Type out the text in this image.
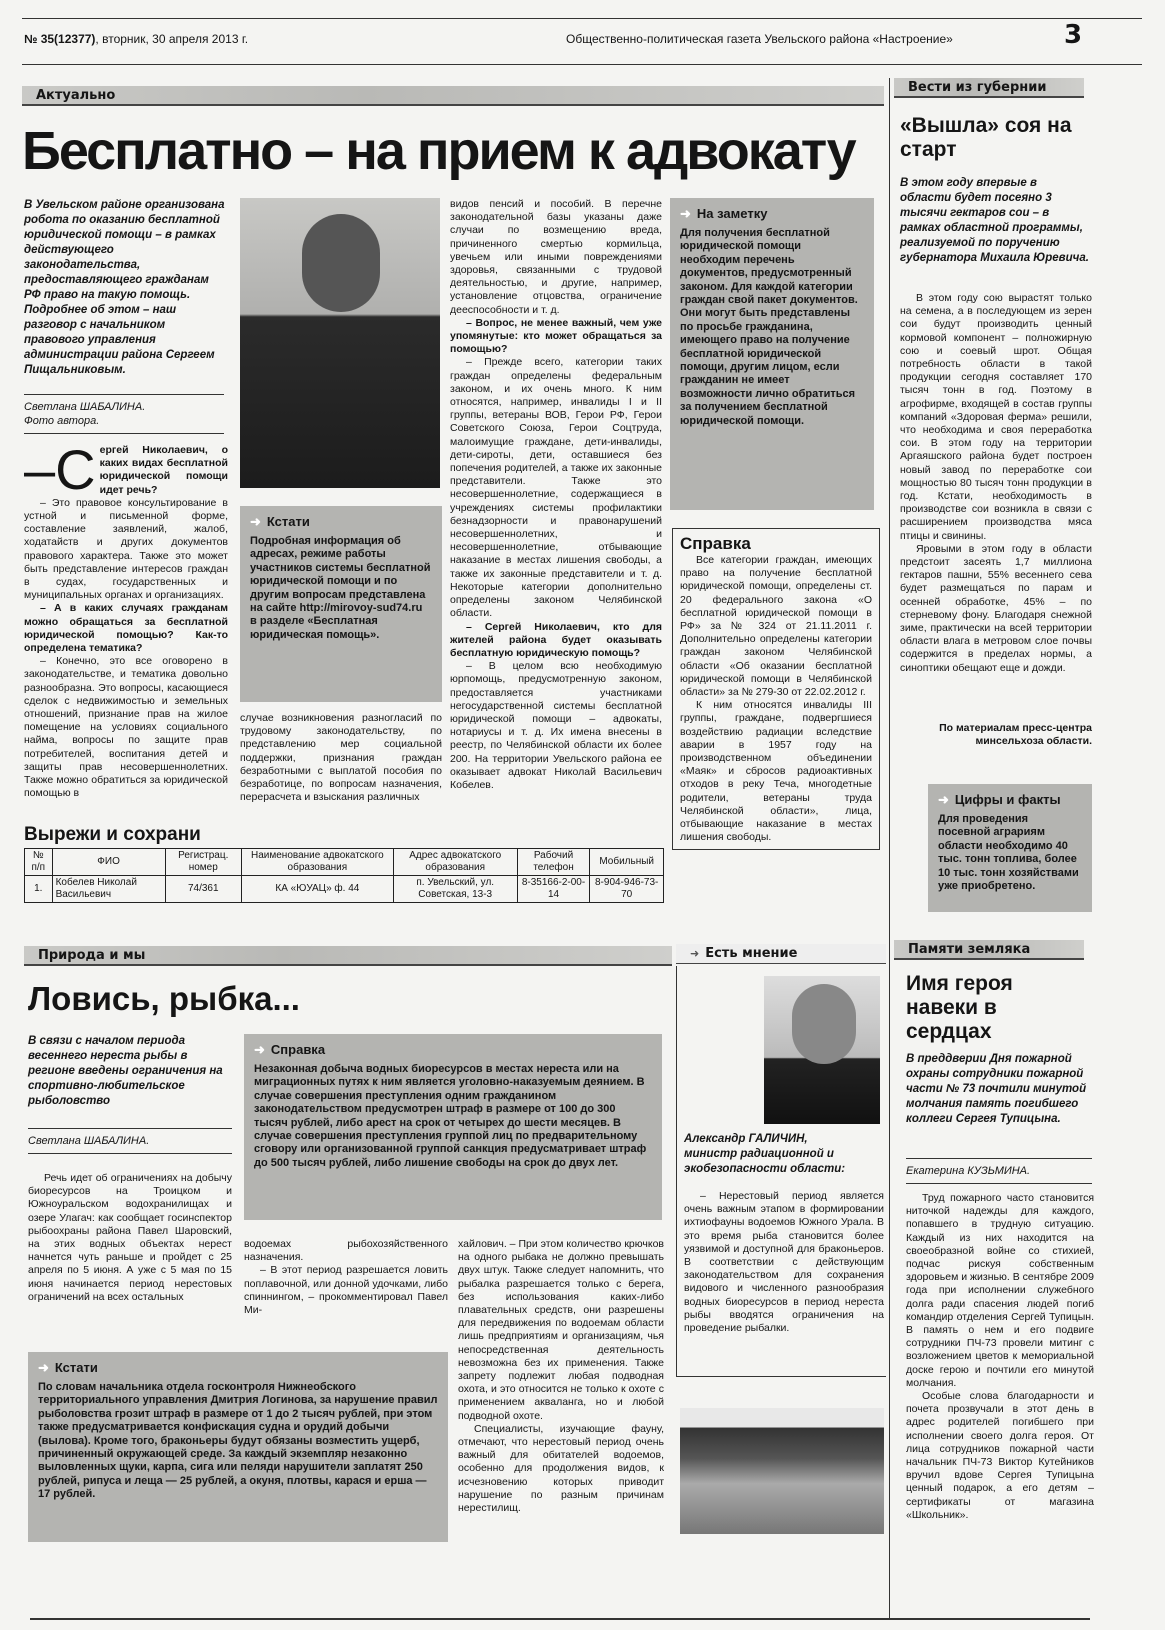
№ 35(12377), вторник, 30 апреля 2013 г.	Общественно-политическая газета Увельского района «Настроение»	3
Актуально
Бесплатно – на прием к адвокату
В Увельском районе организована робота по оказанию бесплатной юридической помощи – в рамках действующего законодательства, предоставляющего гражданам РФ право на такую помощь. Подробнее об этом – наш разговор с начальником правового управления администрации района Сергеем Пищальниковым.
Светлана ШАБАЛИНА.
Фото автора.
–С ергей Николаевич, о каких видах бесплатной юридической помощи идет речь?

– Это правовое консультирование в устной и письменной форме, составление заявлений, жалоб, ходатайств и других документов правового характера. Также это может быть представление интересов граждан в судах, государственных и муниципальных органах и организациях.

– А в каких случаях гражданам можно обращаться за бесплатной юридической помощью? Как-то определена тематика?

– Конечно, это все оговорено в законодательстве, и тематика довольно разнообразна. Это вопросы, касающиеся сделок с недвижимостью и земельных отношений, признание прав на жилое помещение на условиях социального найма, вопросы по защите прав потребителей, воспитания детей и защиты прав несовершеннолетних. Также можно обратиться за юридической помощью в

➜ Кстати
Подробная информация об адресах, режиме работы участников системы бесплатной юридической помощи и по другим вопросам представлена на сайте http://mirovoy-sud74.ru в разделе «Бесплатная юридическая помощь».

случае возникновения разногласий по трудовому законодательству, по представлению мер социальной поддержки, признания граждан безработными с выплатой пособия по безработице, по вопросам назначения, перерасчета и взыскания различных

видов пенсий и пособий. В перечне законодательной базы указаны даже случаи по возмещению вреда, причиненного смертью кормильца, увечьем или иными повреждениями здоровья, связанными с трудовой деятельностью, и другие, например, установление отцовства, ограничение дееспособности и т. д.

– Вопрос, не менее важный, чем уже упомянутые: кто может обращаться за помощью?

– Прежде всего, категории таких граждан определены федеральным законом, и их очень много. К ним относятся, например, инвалиды I и II группы, ветераны ВОВ, Герои РФ, Герои Советского Союза, Герои Соцтруда, малоимущие граждане, дети-инвалиды, дети-сироты, дети, оставшиеся без попечения родителей, а также их законные представители. Также это несовершеннолетние, содержащиеся в учреждениях системы профилактики безнадзорности и правонарушений несовершеннолетних, и несовершеннолетние, отбывающие наказание в местах лишения свободы, а также их законные представители и т. д. Некоторые категории дополнительно определены законом Челябинской области.

– Сергей Николаевич, кто для жителей района будет оказывать бесплатную юридическую помощь?

– В целом всю необходимую юрпомощь, предусмотренную законом, предоставляется участниками негосударственной системы бесплатной юридической помощи – адвокаты, нотариусы и т. д. Их имена внесены в реестр, по Челябинской области их более 200. На территории Увельского района ее оказывает адвокат Николай Васильевич Кобелев.

➜ На заметку
Для получения бесплатной юридической помощи необходим перечень документов, предусмотренный законом. Для каждой категории граждан свой пакет документов. Они могут быть представлены по просьбе гражданина, имеющего право на получение бесплатной юридической помощи, другим лицом, если гражданин не имеет возможности лично обратиться за получением бесплатной юридической помощи.
Справка

Все категории граждан, имеющих право на получение бесплатной юридической помощи, определены ст. 20 федерального закона «О бесплатной юридической помощи в РФ» за № 324 от 21.11.2011 г. Дополнительно определены категории граждан законом Челябинской области «Об оказании бесплатной юридической помощи в Челябинской области» за № 279-30 от 22.02.2012 г.

К ним относятся инвалиды III группы, граждане, подвергшиеся воздействию радиации вследствие аварии в 1957 году на производственном объединении «Маяк» и сбросов радиоактивных отходов в реку Теча, многодетные родители, ветераны труда Челябинской области», лица, отбывающие наказание в местах лишения свободы.

Вырежи и сохрани
№ п/п	ФИО	Регистрац. номер	Наименование адвокатского образования	Адрес адвокатского образования	Рабочий телефон	Мобильный
1.	Кобелев Николай Васильевич	74/361	КА «ЮУАЦ» ф. 44	п. Увельский, ул. Советская, 13-3	8-35166-2-00-14	8-904-946-73-70
Вести из губернии
«Вышла» соя на старт
В этом году впервые в области будет посеяно 3 тысячи гектаров сои – в рамках областной программы, реализуемой по поручению губернатора Михаила Юревича.

В этом году сою вырастят только на семена, а в последующем из зерен сои будут производить ценный кормовой компонент – полножирную сою и соевый шрот. Общая потребность области в такой продукции сегодня составляет 170 тысяч тонн в год. Поэтому в агрофирме, входящей в состав группы компаний «Здоровая ферма» решили, что необходима и своя переработка сои. В этом году на территории Аргаяшского района будет построен новый завод по переработке сои мощностью 80 тысяч тонн продукции в год. Кстати, необходимость в производстве сои возникла в связи с расширением производства мяса птицы и свинины.

Яровыми в этом году в области предстоит засеять 1,7 миллиона гектаров пашни, 55% весеннего сева будет размещаться по парам и осенней обработке, 45% – по стерневому фону. Благодаря снежной зиме, практически на всей территории области влага в метровом слое почвы содержится в пределах нормы, а синоптики обещают еще и дожди.

По материалам пресс-центра минсельхоза области.
➜ Цифры и факты
Для проведения посевной аграриям области необходимо 40 тыс. тонн топлива, более 10 тыс. тонн хозяйствами уже приобретено.
Природа и мы
Ловись, рыбка...
В связи с началом периода весеннего нереста рыбы в регионе введены ограничения на спортивно-любительское рыболовство
Светлана ШАБАЛИНА.

Речь идет об ограничениях на добычу биоресурсов на Троицком и Южноуральском водохранилищах и озере Улагач: как сообщает госинспектор рыбоохраны района Павел Шаровский, на этих водных объектах нерест начнется чуть раньше и пройдет с 25 апреля по 5 июня. А уже с 5 мая по 15 июня начинается период нерестовых ограничений на всех остальных

➜ Справка
Незаконная добыча водных биоресурсов в местах нереста или на миграционных путях к ним является уголовно-наказуемым деянием. В случае совершения преступления одним гражданином законодательством предусмотрен штраф в размере от 100 до 300 тысяч рублей, либо арест на срок от четырех до шести месяцев. В случае совершения преступления группой лиц по предварительному сговору или организованной группой санкция предусматривает штраф до 500 тысяч рублей, либо лишение свободы на срок до двух лет.

водоемах рыбохозяйственного назначения.

– В этот период разрешается ловить поплавочной, или донной удочками, либо спиннингом, – прокомментировал Павел Ми-

хайлович. – При этом количество крючков на одного рыбака не должно превышать двух штук. Также следует напомнить, что рыбалка разрешается только с берега, без использования каких-либо плавательных средств, они разрешены для передвижения по водоемам области лишь предприятиям и организациям, чья непосредственная деятельность невозможна без их применения. Также запрету подлежит любая подводная охота, и это относится не только к охоте с применением акваланга, но и любой подводной охоте.

Специалисты, изучающие фауну, отмечают, что нерестовый период очень важный для обитателей водоемов, особенно для продолжения видов, к исчезновению которых приводит нарушение по разным причинам нерестилищ.

➜ Кстати
По словам начальника отдела госконтроля Нижнеобского территориального управления Дмитрия Логинова, за нарушение правил рыболовства грозит штраф в размере от 1 до 2 тысяч рублей, при этом также предусматривается конфискация судна и орудий добычи (вылова). Кроме того, браконьеры будут обязаны возместить ущерб, причиненный окружающей среде. За каждый экземпляр незаконно выловленных щуки, карпа, сига или пеляди нарушители заплатят 250 рублей, рипуса и леща — 25 рублей, а окуня, плотвы, карася и ерша — 17 рублей.
➜ Есть мнение
Александр ГАЛИЧИН,
министр радиационной и экобезопасности области:

– Нерестовый период является очень важным этапом в формировании ихтиофауны водоемов Южного Урала. В это время рыба становится более уязвимой и доступной для браконьеров. В соответствии с действующим законодательством для сохранения видового и численного разнообразия водных биоресурсов в период нереста рыбы вводятся ограничения на проведение рыбалки.

Памяти земляка
Имя героя навеки в сердцах
В преддверии Дня пожарной охраны сотрудники пожарной части № 73 почтили минутой молчания память погибшего коллеги Сергея Тупицына.
Екатерина КУЗЬМИНА.

Труд пожарного часто становится ниточкой надежды для каждого, попавшего в трудную ситуацию. Каждый из них находится на своеобразной войне со стихией, подчас рискуя собственным здоровьем и жизнью. В сентябре 2009 года при исполнении служебного долга ради спасения людей погиб командир отделения Сергей Тупицын. В память о нем и его подвиге сотрудники ПЧ-73 провели митинг с возложением цветов к мемориальной доске герою и почтили его минутой молчания.

Особые слова благодарности и почета прозвучали в этот день в адрес родителей погибшего при исполнении своего долга героя. От лица сотрудников пожарной части начальник ПЧ-73 Виктор Кутейников вручил вдове Сергея Тупицына ценный подарок, а его детям – сертификаты от магазина «Школьник».
